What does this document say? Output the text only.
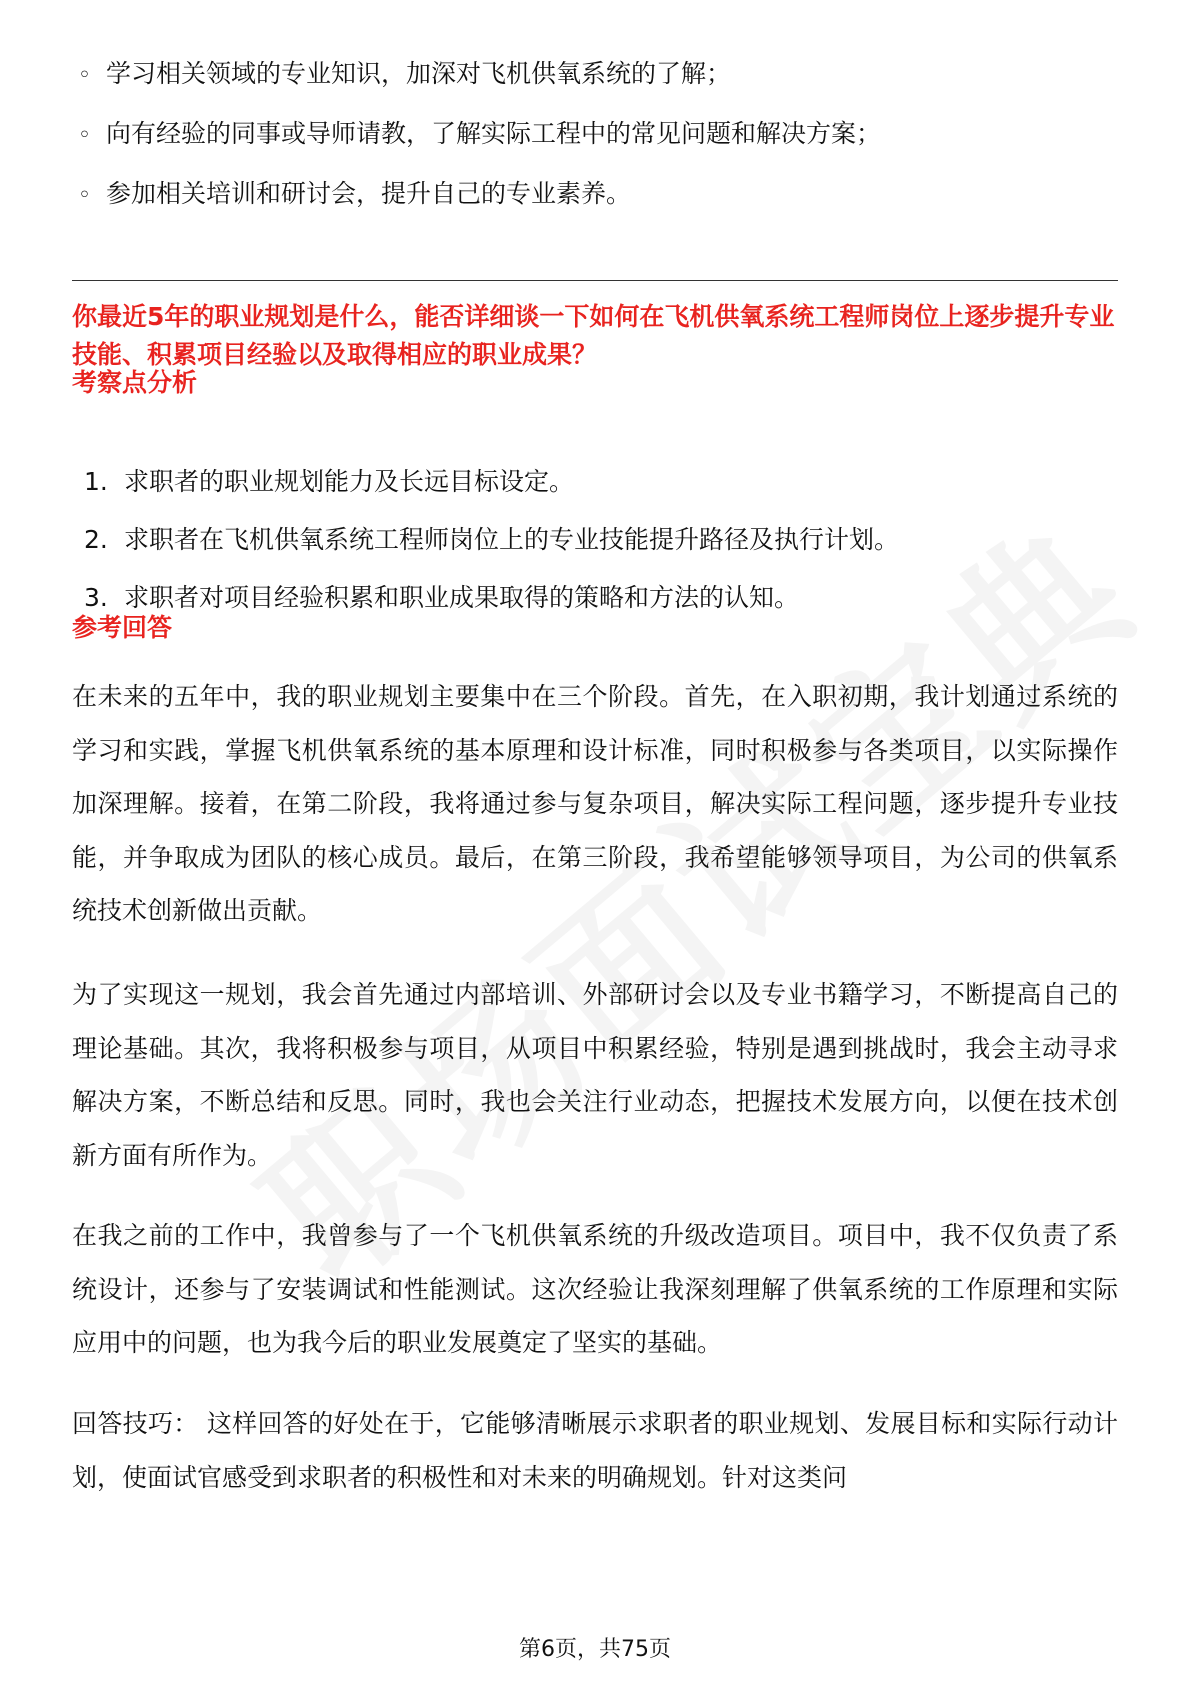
◦ 学习相关领域的专业知识，加深对飞机供氧系统的了解；
◦ 向有经验的同事或导师请教，了解实际工程中的常见问题和解决方案；
◦ 参加相关培训和研讨会，提升自己的专业素养。
你最近5年的职业规划是什么，能否详细谈一下如何在飞机供氧系统工程师岗位上逐步提升专业技能、积累项目经验以及取得相应的职业成果？
考察点分析
1. 求职者的职业规划能力及长远目标设定。
2. 求职者在飞机供氧系统工程师岗位上的专业技能提升路径及执行计划。
3. 求职者对项目经验积累和职业成果取得的策略和方法的认知。
参考回答

在未来的五年中，我的职业规划主要集中在三个阶段。首先，在入职初期，我计划通过系统的学习和实践，掌握飞机供氧系统的基本原理和设计标准，同时积极参与各类项目，以实际操作加深理解。接着，在第二阶段，我将通过参与复杂项目，解决实际工程问题，逐步提升专业技能，并争取成为团队的核心成员。最后，在第三阶段，我希望能够领导项目，为公司的供氧系统技术创新做出贡献。

为了实现这一规划，我会首先通过内部培训、外部研讨会以及专业书籍学习，不断提高自己的理论基础。其次，我将积极参与项目，从项目中积累经验，特别是遇到挑战时，我会主动寻求解决方案，不断总结和反思。同时，我也会关注行业动态，把握技术发展方向，以便在技术创新方面有所作为。

在我之前的工作中，我曾参与了一个飞机供氧系统的升级改造项目。项目中，我不仅负责了系统设计，还参与了安装调试和性能测试。这次经验让我深刻理解了供氧系统的工作原理和实际应用中的问题，也为我今后的职业发展奠定了坚实的基础。

回答技巧： 这样回答的好处在于，它能够清晰展示求职者的职业规划、发展目标和实际行动计划，使面试官感受到求职者的积极性和对未来的明确规划。针对这类问

第6页，共75页
